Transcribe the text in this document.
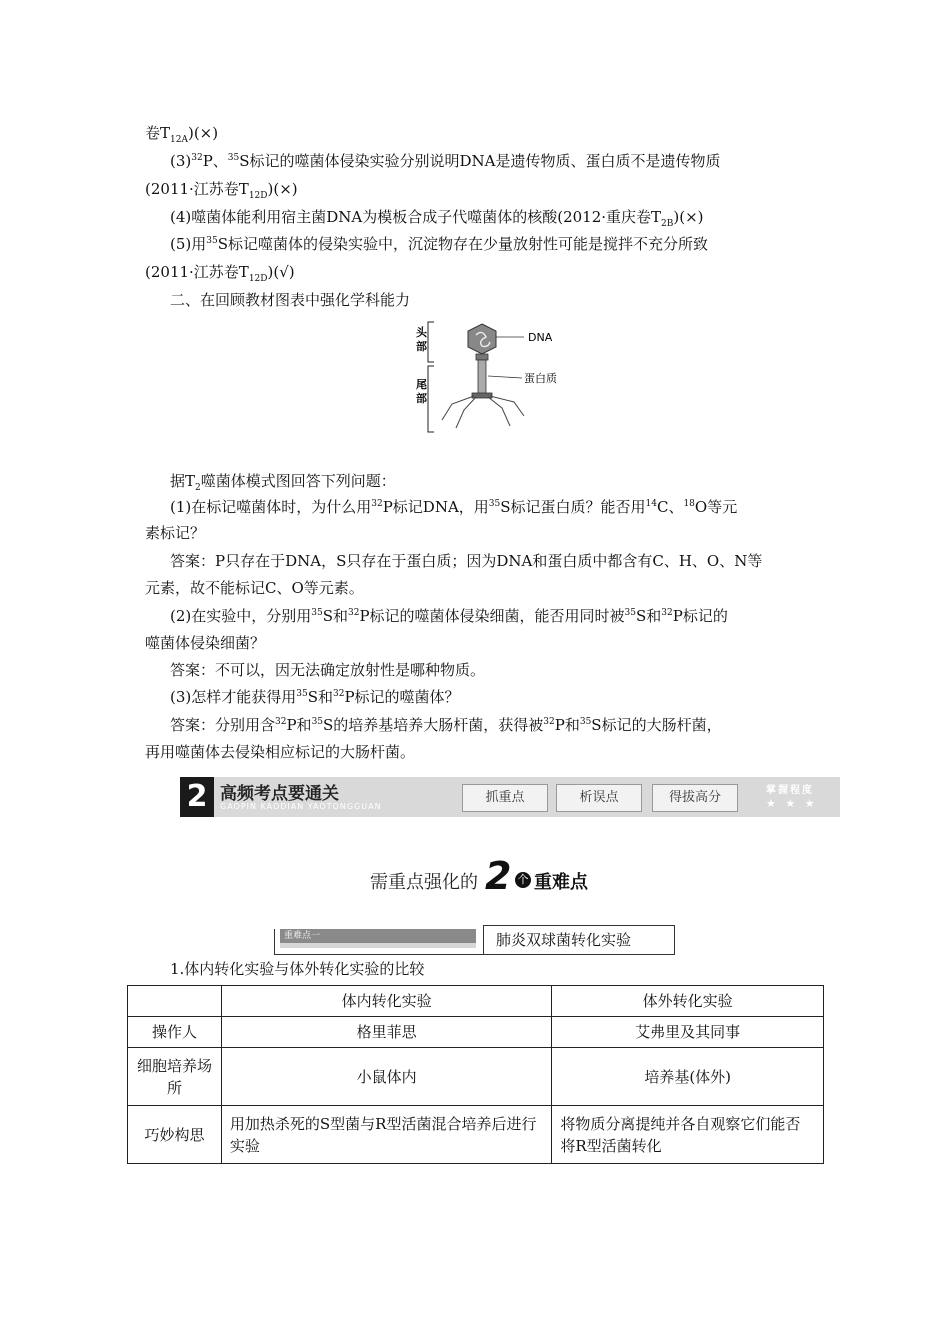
卷$T_{12A})(\times)$
$(3)^{32}P$、$^{35}$S标记的噬菌体侵染实验分别说明DNA是遗传物质、蛋白质不是遗传物质
(2011·江苏卷$T_{12D})(\times)$
(4)噬菌体能利用宿主菌DNA为模板合成子代噬菌体的核酸(2012·重庆卷$T_{2B})(\times)$
(5)用$^{35}$S标记噬菌体的侵染实验中，沉淀物存在少量放射性可能是搅拌不充分所致
(2011·江苏卷$T_{12D})(√)$
二、在回顾教材图表中强化学科能力
头
部
尾
部
DNA
蛋白质
据$T_2$噬菌体模式图回答下列问题：
(1)在标记噬菌体时，为什么用$^{32}$P标记DNA，用$^{35}$S标记蛋白质？能否用$^{14}$C、$^{18}$O等元
素标记？
答案：P只存在于DNA，S只存在于蛋白质；因为DNA和蛋白质中都含有C、H、O、N等
元素，故不能标记C、O等元素。
(2)在实验中，分别用$^{35}$S和$^{32}$P标记的噬菌体侵染细菌，能否用同时被$^{35}$S和$^{32}$P标记的
噬菌体侵染细菌？
答案：不可以，因无法确定放射性是哪种物质。
(3)怎样才能获得用$^{35}$S和$^{32}$P标记的噬菌体？
答案：分别用含$^{32}$P和$^{35}$S的培养基培养大肠杆菌，获得被$^{32}$P和$^{35}$S标记的大肠杆菌，
再用噬菌体去侵染相应标记的大肠杆菌。
2 高频考点要通关
GAOPIN KAODIAN YAOTONGGUAN
抓重点	析误点	得拔高分	掌握程度
★ ★ ★
需重点强化的 2 个 重难点
重难点一	肺炎双球菌转化实验
1.体内转化实验与体外转化实验的比较
	体内转化实验	体外转化实验
操作人	格里菲思	艾弗里及其同事
细胞培养场所	小鼠体内	培养基(体外)
巧妙构思	用加热杀死的S型菌与R型活菌混合培养后进行实验	将物质分离提纯并各自观察它们能否将R型活菌转化
